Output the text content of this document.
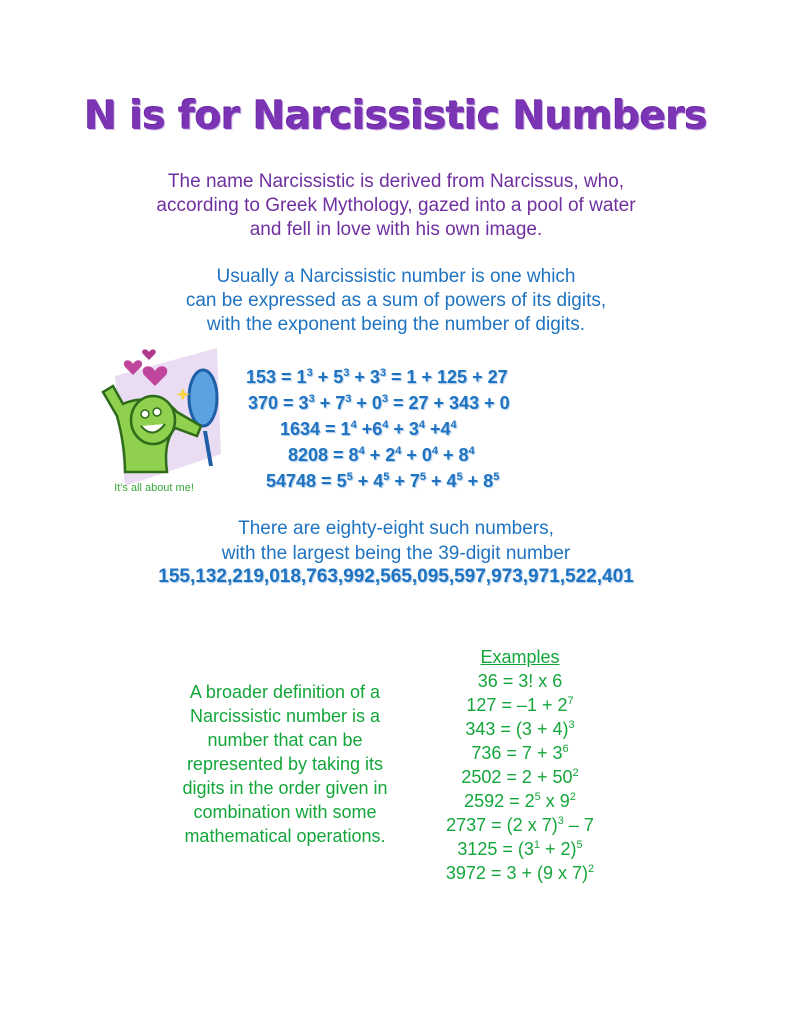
N is for Narcissistic Numbers
The name Narcissistic is derived from Narcissus, who,
according to Greek Mythology, gazed into a pool of water
and fell in love with his own image.
Usually a Narcissistic number is one which
can be expressed as a sum of powers of its digits,
with the exponent being the number of digits.
It's all about me!
$153 = 1^3 + 5^3 + 3^3 = 1 + 125 + 27$
$370 = 3^3 + 7^3 + 0^3 = 27 + 343 + 0$
$1634 = 1^4 +6^4 + 3^4 +4^4$
$8208 = 8^4 + 2^4 + 0^4 + 8^4$
$54748 = 5^5 + 4^5 + 7^5 + 4^5 + 8^5$
There are eighty-eight such numbers,
with the largest being the 39-digit number
155,132,219,018,763,992,565,095,597,973,971,522,401
A broader definition of a
Narcissistic number is a
number that can be
represented by taking its
digits in the order given in
combination with some
mathematical operations.
Examples
36 = 3! x 6
$127 = -1 + 2^7$
$343 = (3 + 4)^3$
$736 = 7 + 3^6$
$2502 = 2 + 50^2$
$2592 = 2^5$ x $9^2$
2737 = (2 x 7)$^3$ – 7
$3125 = (3^1 + 2)^5$
3972 = 3 + (9 x 7)$^2$
